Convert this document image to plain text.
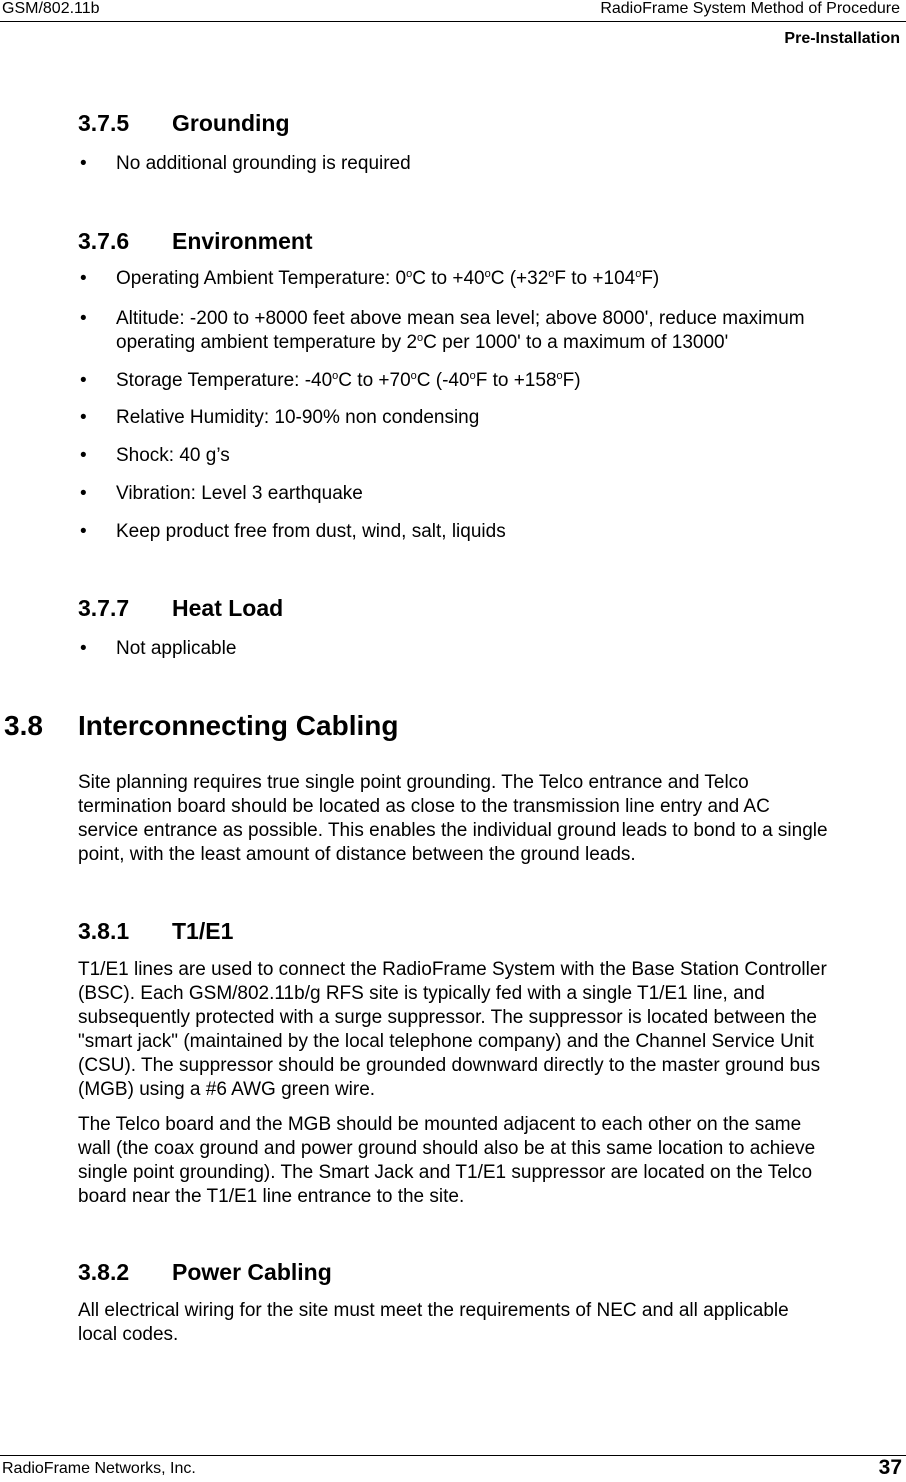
GSM/802.11b	RadioFrame System Method of Procedure
Pre-Installation
3.7.5 Grounding
• No additional grounding is required
3.7.6 Environment
• Operating Ambient Temperature: 0$^o$C to $+40^oC$ ($+32^oF$ to $+104^oF$)
• Altitude: -200 to +8000 feet above mean sea level; above 8000', reduce maximum
operating ambient temperature by 2$^o$C per 1000' to a maximum of 13000'
• Storage Temperature: -40$^o$C to $+70^oC$ (-40$^o$F to $+158^oF$)
• Relative Humidity: 10-90% non condensing
• Shock: 40 g’s
• Vibration: Level 3 earthquake
• Keep product free from dust, wind, salt, liquids
3.7.7 Heat Load
• Not applicable
3.8 Interconnecting Cabling
Site planning requires true single point grounding. The Telco entrance and Telco
termination board should be located as close to the transmission line entry and AC
service entrance as possible. This enables the individual ground leads to bond to a single
point, with the least amount of distance between the ground leads.
3.8.1 T1/E1
T1/E1 lines are used to connect the RadioFrame System with the Base Station Controller
(BSC). Each GSM/802.11b/g RFS site is typically fed with a single T1/E1 line, and
subsequently protected with a surge suppressor. The suppressor is located between the
"smart jack" (maintained by the local telephone company) and the Channel Service Unit
(CSU). The suppressor should be grounded downward directly to the master ground bus
(MGB) using a #6 AWG green wire.
The Telco board and the MGB should be mounted adjacent to each other on the same
wall (the coax ground and power ground should also be at this same location to achieve
single point grounding). The Smart Jack and T1/E1 suppressor are located on the Telco
board near the T1/E1 line entrance to the site.
3.8.2 Power Cabling
All electrical wiring for the site must meet the requirements of NEC and all applicable
local codes.
RadioFrame Networks, Inc.	37
